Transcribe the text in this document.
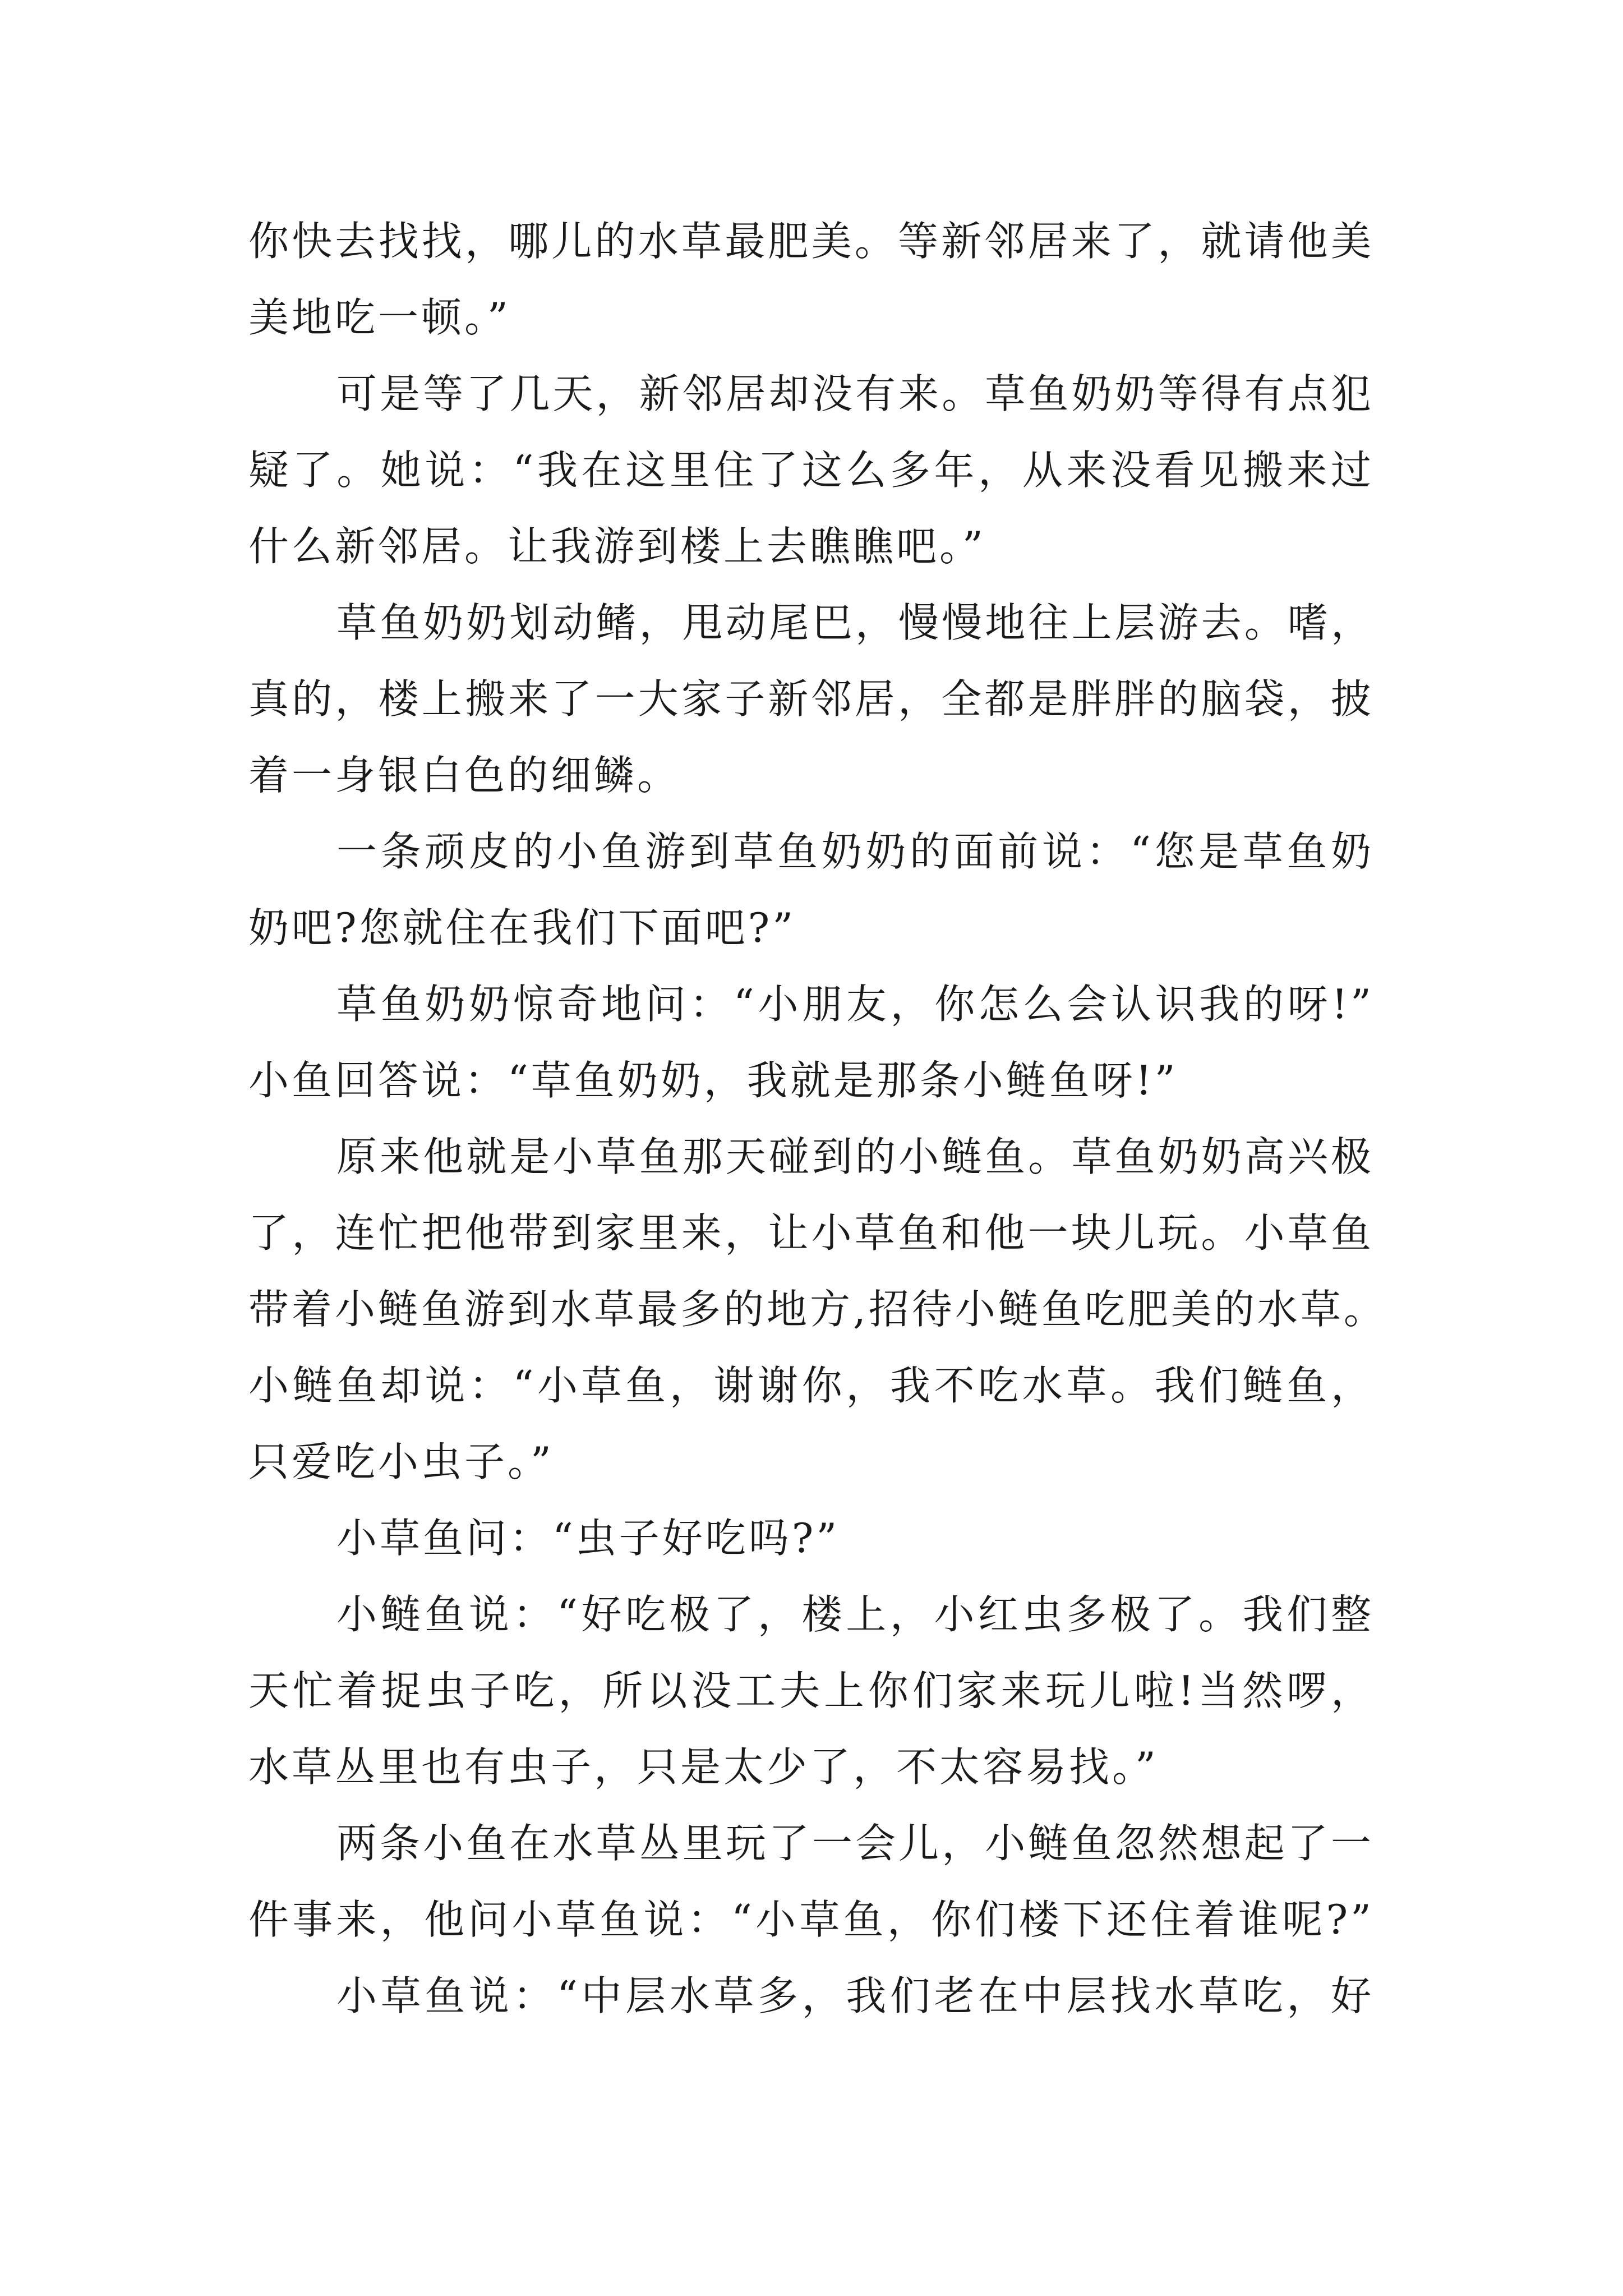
你快去找找，哪儿的水草最肥美。等新邻居来了，就请他美
美地吃一顿。”
可是等了几天，新邻居却没有来。草鱼奶奶等得有点犯
疑了。她说：“我在这里住了这么多年，从来没看见搬来过
什么新邻居。让我游到楼上去瞧瞧吧。”
草鱼奶奶划动鳍，甩动尾巴，慢慢地往上层游去。嗜，
真的，楼上搬来了一大家子新邻居，全都是胖胖的脑袋，披
着一身银白色的细鳞。
一条顽皮的小鱼游到草鱼奶奶的面前说：“您是草鱼奶
奶吧?您就住在我们下面吧?”
草鱼奶奶惊奇地问：“小朋友，你怎么会认识我的呀!”
小鱼回答说：“草鱼奶奶，我就是那条小鲢鱼呀!”
原来他就是小草鱼那天碰到的小鲢鱼。草鱼奶奶高兴极
了，连忙把他带到家里来，让小草鱼和他一块儿玩。小草鱼
带着小鲢鱼游到水草最多的地方,招待小鲢鱼吃肥美的水草。
小鲢鱼却说：“小草鱼，谢谢你，我不吃水草。我们鲢鱼，
只爱吃小虫子。”
小草鱼问：“虫子好吃吗?”
小鲢鱼说：“好吃极了，楼上，小红虫多极了。我们整
天忙着捉虫子吃，所以没工夫上你们家来玩儿啦!当然啰，
水草丛里也有虫子，只是太少了，不太容易找。”
两条小鱼在水草丛里玩了一会儿，小鲢鱼忽然想起了一
件事来，他问小草鱼说：“小草鱼，你们楼下还住着谁呢?”
小草鱼说：“中层水草多，我们老在中层找水草吃，好
